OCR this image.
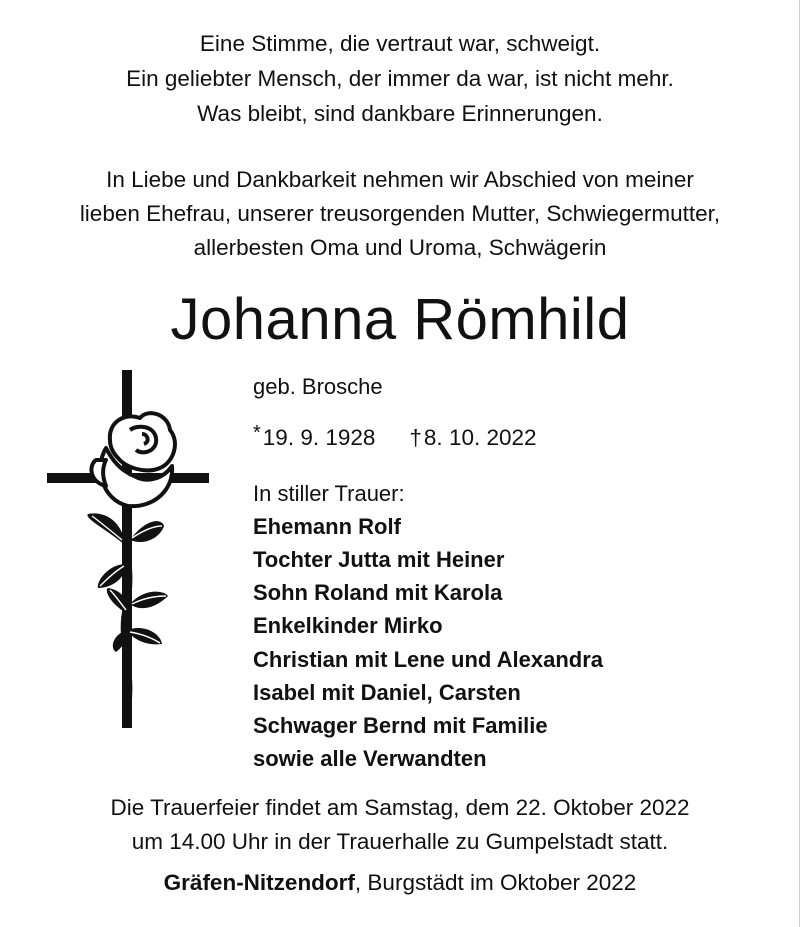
Eine Stimme, die vertraut war, schweigt.
Ein geliebter Mensch, der immer da war, ist nicht mehr.
Was bleibt, sind dankbare Erinnerungen.
In Liebe und Dankbarkeit nehmen wir Abschied von meiner
lieben Ehefrau, unserer treusorgenden Mutter, Schwiegermutter,
allerbesten Oma und Uroma, Schwägerin
Johanna Römhild
geb. Brosche
*19. 9. 1928 †8. 10. 2022
In stiller Trauer:
Ehemann Rolf
Tochter Jutta mit Heiner
Sohn Roland mit Karola
Enkelkinder Mirko
Christian mit Lene und Alexandra
Isabel mit Daniel, Carsten
Schwager Bernd mit Familie
sowie alle Verwandten
Die Trauerfeier findet am Samstag, dem 22. Oktober 2022
um 14.00 Uhr in der Trauerhalle zu Gumpelstadt statt.
Gräfen-Nitzendorf, Burgstädt im Oktober 2022
